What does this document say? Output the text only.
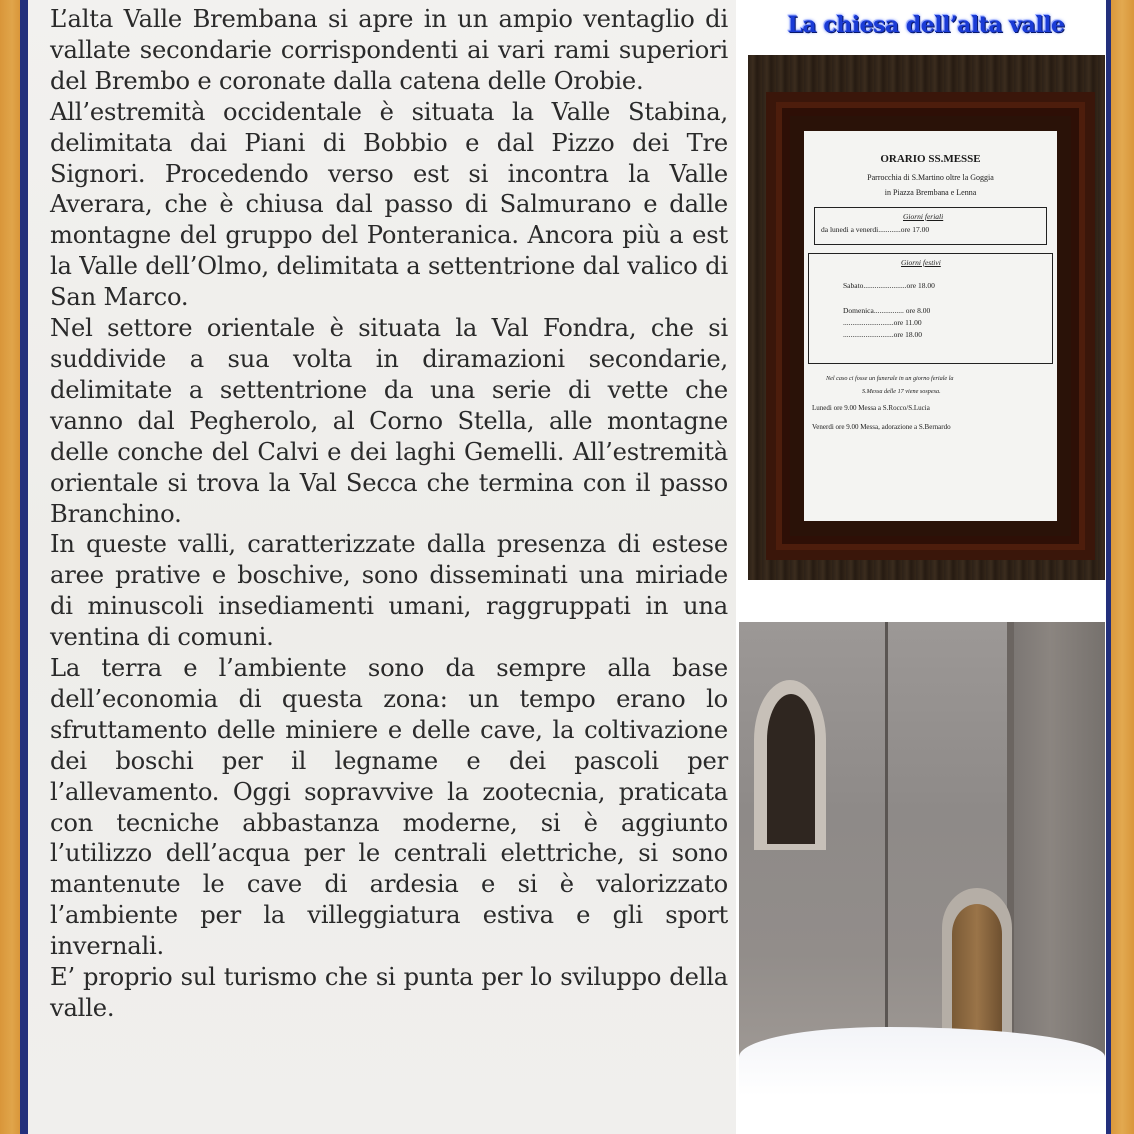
L’alta Valle Brembana si apre in un ampio ventaglio di vallate secondarie corrispondenti ai vari rami superiori del Brembo e coronate dalla catena delle Orobie.

All’estremità occidentale è situata la Valle Stabina, delimitata dai Piani di Bobbio e dal Pizzo dei Tre Signori. Procedendo verso est si incontra la Valle Averara, che è chiusa dal passo di Salmurano e dalle montagne del gruppo del Ponteranica. Ancora più a est la Valle dell’Olmo, delimitata a settentrione dal valico di San Marco.

Nel settore orientale è situata la Val Fondra, che si suddivide a sua volta in diramazioni secondarie, delimitate a settentrione da una serie di vette che vanno dal Pegherolo, al Corno Stella, alle montagne delle conche del Calvi e dei laghi Gemelli. All’estremità orientale si trova la Val Secca che termina con il passo Branchino.

In queste valli, caratterizzate dalla presenza di estese aree prative e boschive, sono disseminati una miriade di minuscoli insediamenti umani, raggruppati in una ventina di comuni.

La terra e l’ambiente sono da sempre alla base dell’economia di questa zona: un tempo erano lo sfruttamento delle miniere e delle cave, la coltivazione dei boschi per il legname e dei pascoli per l’allevamento. Oggi sopravvive la zootecnia, praticata con tecniche abbastanza moderne, si è aggiunto l’utilizzo dell’acqua per le centrali elettriche, si sono mantenute le cave di ardesia e si è valorizzato l’ambiente per la villeggiatura estiva e gli sport invernali.

E’ proprio sul turismo che si punta per lo sviluppo della valle.

La chiesa dell’alta valle
ORARIO SS.MESSE
Parrocchia di S.Martino oltre la Goggia
in Piazza Brembana e Lenna
Giorni feriali
da lunedi a venerdi............ore 17.00
Giorni festivi
Sabato.......................ore 18.00
Domenica................ ore 8.00
...........................ore 11.00
...........................ore 18.00
Nel caso ci fosse un funerale in un giorno feriale la
S.Messa delle 17 viene sospesa.
Lunedi ore 9.00 Messa a S.Rocco/S.Lucia
Venerdi ore 9.00 Messa, adorazione a S.Bernardo
